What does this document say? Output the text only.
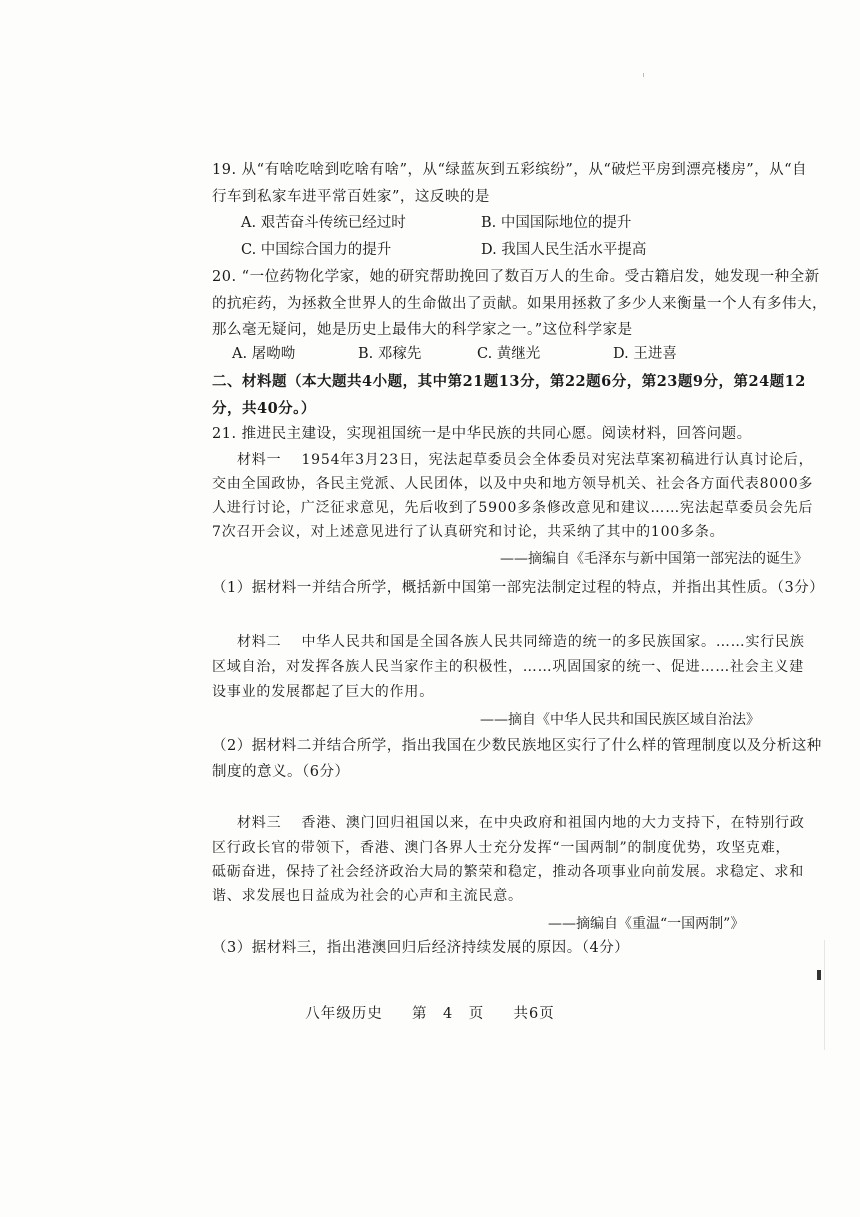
19. 从“有啥吃啥到吃啥有啥”，从“绿蓝灰到五彩缤纷”，从“破烂平房到漂亮楼房”，从“自
行车到私家车进平常百姓家”，这反映的是
A. 艰苦奋斗传统已经过时	B. 中国国际地位的提升
C. 中国综合国力的提升	D. 我国人民生活水平提高
20. “一位药物化学家，她的研究帮助挽回了数百万人的生命。受古籍启发，她发现一种全新
的抗疟药，为拯救全世界人的生命做出了贡献。如果用拯救了多少人来衡量一个人有多伟大，
那么毫无疑问，她是历史上最伟大的科学家之一。”这位科学家是
A. 屠呦呦	B. 邓稼先	C. 黄继光	D. 王进喜
二、材料题（本大题共4小题，其中第21题13分，第22题6分，第23题9分，第24题12
分，共40分。）
21. 推进民主建设，实现祖国统一是中华民族的共同心愿。阅读材料，回答问题。
材料一　 1954年3月23日，宪法起草委员会全体委员对宪法草案初稿进行认真讨论后，
交由全国政协，各民主党派、人民团体，以及中央和地方领导机关、社会各方面代表8000多
人进行讨论，广泛征求意见，先后收到了5900多条修改意见和建议……宪法起草委员会先后
7次召开会议，对上述意见进行了认真研究和讨论，共采纳了其中的100多条。
——摘编自《毛泽东与新中国第一部宪法的诞生》
（1）据材料一并结合所学，概括新中国第一部宪法制定过程的特点，并指出其性质。（3分）
材料二　 中华人民共和国是全国各族人民共同缔造的统一的多民族国家。……实行民族
区域自治，对发挥各族人民当家作主的积极性，……巩固国家的统一、促进……社会主义建
设事业的发展都起了巨大的作用。
——摘自《中华人民共和国民族区域自治法》
（2）据材料二并结合所学，指出我国在少数民族地区实行了什么样的管理制度以及分析这种
制度的意义。（6分）
材料三　 香港、澳门回归祖国以来，在中央政府和祖国内地的大力支持下，在特别行政
区行政长官的带领下，香港、澳门各界人士充分发挥“一国两制”的制度优势，攻坚克难，
砥砺奋进，保持了社会经济政治大局的繁荣和稳定，推动各项事业向前发展。求稳定、求和
谐、求发展也日益成为社会的心声和主流民意。
——摘编自《重温“一国两制”》
（3）据材料三，指出港澳回归后经济持续发展的原因。（4分）
八年级历史 第　4　页 共6页
